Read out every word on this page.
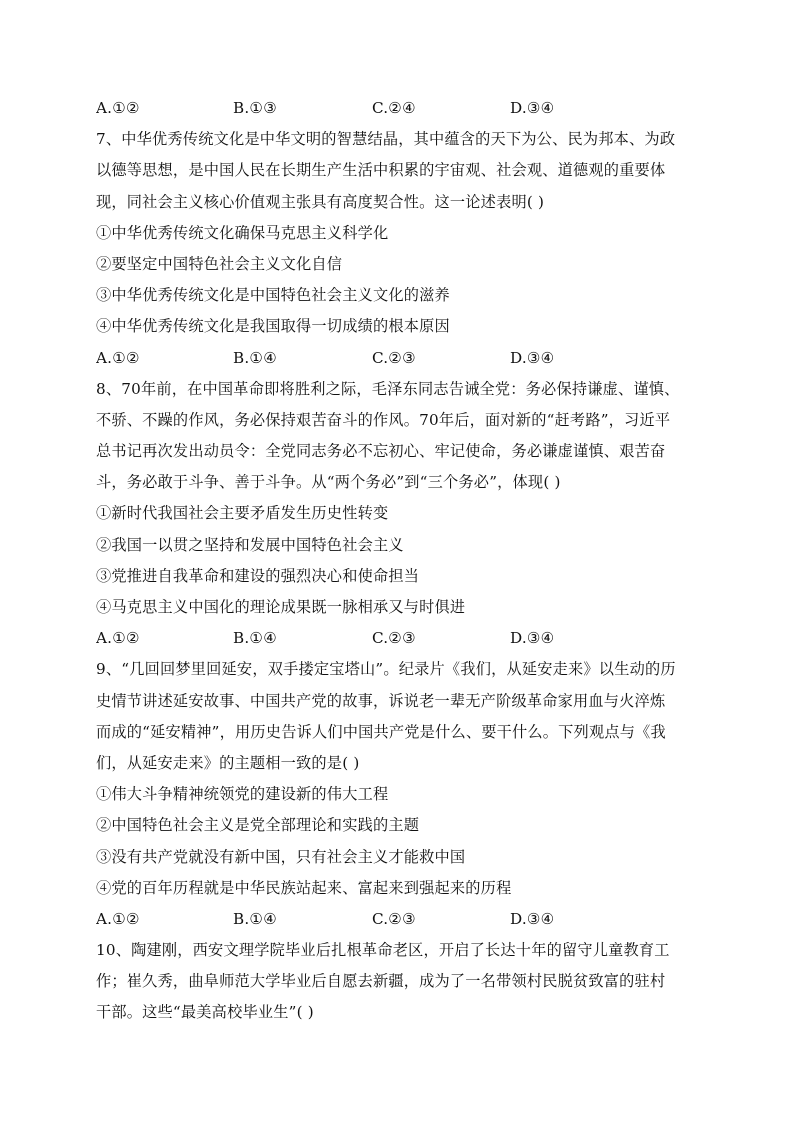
A.①②	B.①③	C.②④	D.③④
7、中华优秀传统文化是中华文明的智慧结晶，其中蕴含的天下为公、民为邦本、为政
以德等思想，是中国人民在长期生产生活中积累的宇宙观、社会观、道德观的重要体
现，同社会主义核心价值观主张具有高度契合性。这一论述表明( )
①中华优秀传统文化确保马克思主义科学化
②要坚定中国特色社会主义文化自信
③中华优秀传统文化是中国特色社会主义文化的滋养
④中华优秀传统文化是我国取得一切成绩的根本原因
A.①②	B.①④	C.②③	D.③④
8、70年前，在中国革命即将胜利之际，毛泽东同志告诫全党：务必保持谦虚、谨慎、
不骄、不躁的作风，务必保持艰苦奋斗的作风。70年后，面对新的“赶考路”，习近平
总书记再次发出动员令：全党同志务必不忘初心、牢记使命，务必谦虚谨慎、艰苦奋
斗，务必敢于斗争、善于斗争。从“两个务必”到“三个务必”，体现( )
①新时代我国社会主要矛盾发生历史性转变
②我国一以贯之坚持和发展中国特色社会主义
③党推进自我革命和建设的强烈决心和使命担当
④马克思主义中国化的理论成果既一脉相承又与时俱进
A.①②	B.①④	C.②③	D.③④
9、“几回回梦里回延安，双手搂定宝塔山”。纪录片《我们，从延安走来》以生动的历
史情节讲述延安故事、中国共产党的故事，诉说老一辈无产阶级革命家用血与火淬炼
而成的“延安精神”，用历史告诉人们中国共产党是什么、要干什么。下列观点与《我
们，从延安走来》的主题相一致的是( )
①伟大斗争精神统领党的建设新的伟大工程
②中国特色社会主义是党全部理论和实践的主题
③没有共产党就没有新中国，只有社会主义才能救中国
④党的百年历程就是中华民族站起来、富起来到强起来的历程
A.①②	B.①④	C.②③	D.③④
10、陶建刚，西安文理学院毕业后扎根革命老区，开启了长达十年的留守儿童教育工
作；崔久秀，曲阜师范大学毕业后自愿去新疆，成为了一名带领村民脱贫致富的驻村
干部。这些“最美高校毕业生”( )
